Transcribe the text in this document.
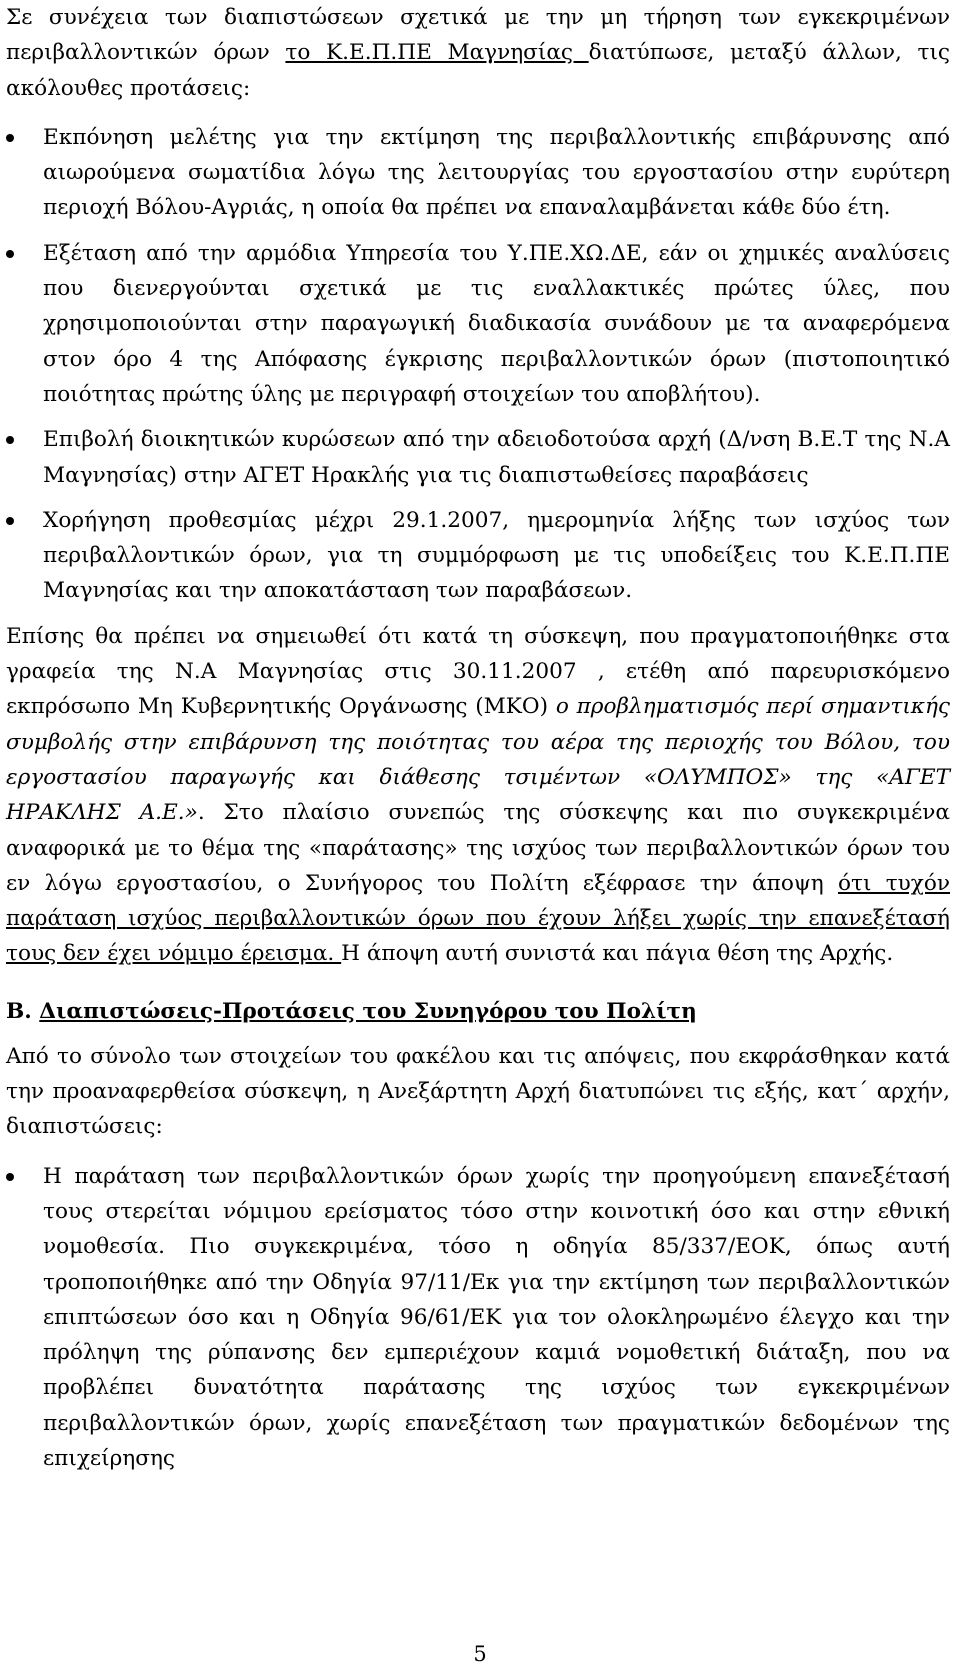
Σε συνέχεια των διαπιστώσεων σχετικά με την μη τήρηση των εγκεκριμένων περιβαλλοντικών όρων το Κ.Ε.Π.ΠΕ Μαγνησίας διατύπωσε, μεταξύ άλλων, τις ακόλουθες προτάσεις:

Εκπόνηση μελέτης για την εκτίμηση της περιβαλλοντικής επιβάρυνσης από αιωρούμενα σωματίδια λόγω της λειτουργίας του εργοστασίου στην ευρύτερη περιοχή Βόλου-Αγριάς, η οποία θα πρέπει να επαναλαμβάνεται κάθε δύο έτη.
Εξέταση από την αρμόδια Υπηρεσία του Υ.ΠΕ.ΧΩ.ΔΕ, εάν οι χημικές αναλύσεις που διενεργούνται σχετικά με τις εναλλακτικές πρώτες ύλες, που χρησιμοποιούνται στην παραγωγική διαδικασία συνάδουν με τα αναφερόμενα στον όρο 4 της Απόφασης έγκρισης περιβαλλοντικών όρων (πιστοποιητικό ποιότητας πρώτης ύλης με περιγραφή στοιχείων του αποβλήτου).
Επιβολή διοικητικών κυρώσεων από την αδειοδοτούσα αρχή (Δ/νση Β.Ε.Τ της Ν.Α Μαγνησίας) στην ΑΓΕΤ Ηρακλής για τις διαπιστωθείσες παραβάσεις
Χορήγηση προθεσμίας μέχρι 29.1.2007, ημερομηνία λήξης των ισχύος των περιβαλλοντικών όρων, για τη συμμόρφωση με τις υποδείξεις του Κ.Ε.Π.ΠΕ Μαγνησίας και την αποκατάσταση των παραβάσεων.

Επίσης θα πρέπει να σημειωθεί ότι κατά τη σύσκεψη, που πραγματοποιήθηκε στα γραφεία της Ν.Α Μαγνησίας στις 30.11.2007 , ετέθη από παρευρισκόμενο εκπρόσωπο Μη Κυβερνητικής Οργάνωσης (ΜΚΟ) ο προβληματισμός περί σημαντικής συμβολής στην επιβάρυνση της ποιότητας του αέρα της περιοχής του Βόλου, του εργοστασίου παραγωγής και διάθεσης τσιμέντων «ΟΛΥΜΠΟΣ» της «ΑΓΕΤ ΗΡΑΚΛΗΣ Α.Ε.». Στο πλαίσιο συνεπώς της σύσκεψης και πιο συγκεκριμένα αναφορικά με το θέμα της «παράτασης» της ισχύος των περιβαλλοντικών όρων του εν λόγω εργοστασίου, ο Συνήγορος του Πολίτη εξέφρασε την άποψη ότι τυχόν παράταση ισχύος περιβαλλοντικών όρων που έχουν λήξει χωρίς την επανεξέτασή τους δεν έχει νόμιμο έρεισμα. Η άποψη αυτή συνιστά και πάγια θέση της Αρχής.

Β. Διαπιστώσεις-Προτάσεις του Συνηγόρου του Πολίτη

Από το σύνολο των στοιχείων του φακέλου και τις απόψεις, που εκφράσθηκαν κατά την προαναφερθείσα σύσκεψη, η Ανεξάρτητη Αρχή διατυπώνει τις εξής, κατ΄ αρχήν, διαπιστώσεις:

Η παράταση των περιβαλλοντικών όρων χωρίς την προηγούμενη επανεξέτασή τους στερείται νόμιμου ερείσματος τόσο στην κοινοτική όσο και στην εθνική νομοθεσία. Πιο συγκεκριμένα, τόσο η οδηγία 85/337/ΕΟΚ, όπως αυτή τροποποιήθηκε από την Οδηγία 97/11/Εκ για την εκτίμηση των περιβαλλοντικών επιπτώσεων όσο και η Οδηγία 96/61/ΕΚ για τον ολοκληρωμένο έλεγχο και την πρόληψη της ρύπανσης δεν εμπεριέχουν καμιά νομοθετική διάταξη, που να προβλέπει δυνατότητα παράτασης της ισχύος των εγκεκριμένων περιβαλλοντικών όρων, χωρίς επανεξέταση των πραγματικών δεδομένων της επιχείρησης
5
